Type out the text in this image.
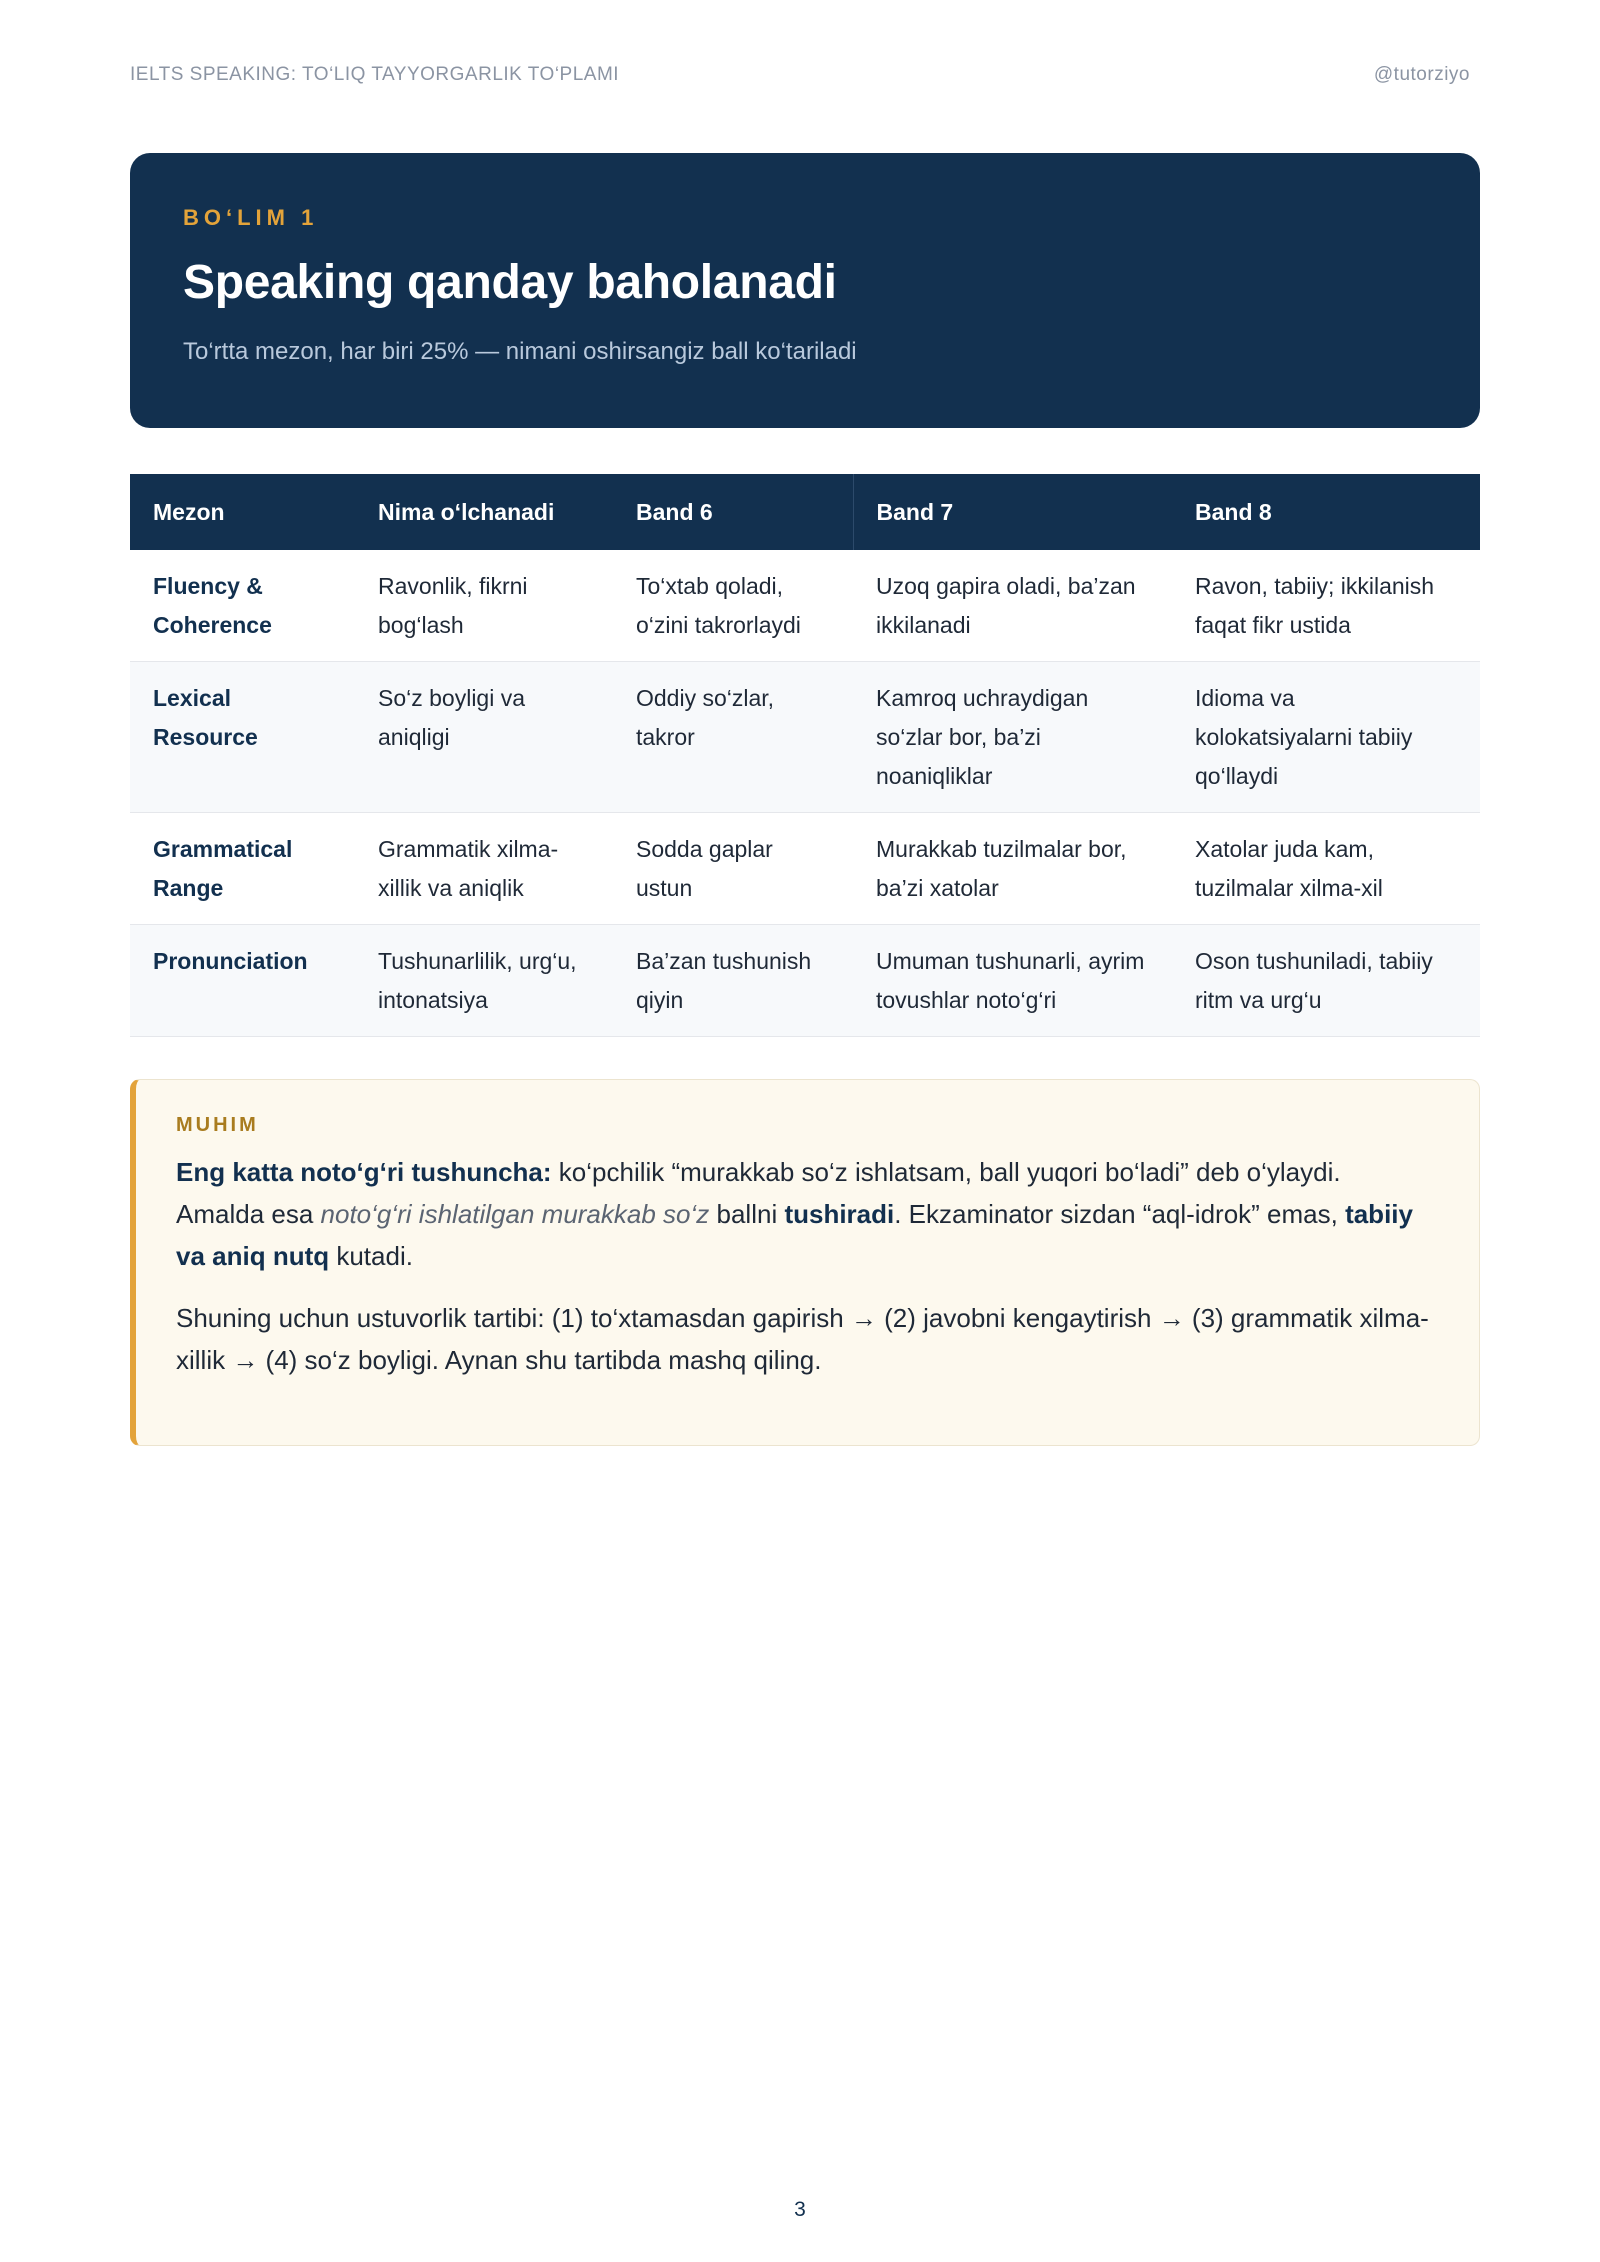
IELTS SPEAKING: TO‘LIQ TAYYORGARLIK TO‘PLAMI	@tutorziyo
BO‘LIM 1
Speaking qanday baholanadi
To‘rtta mezon, har biri 25% — nimani oshirsangiz ball ko‘tariladi
Mezon	Nima o‘lchanadi	Band 6	Band 7	Band 8
Fluency & Coherence	Ravonlik, fikrni bog‘lash	To‘xtab qoladi, o‘zini takrorlaydi	Uzoq gapira oladi, ba’zan ikkilanadi	Ravon, tabiiy; ikkilanish faqat fikr ustida
Lexical Resource	So‘z boyligi va aniqligi	Oddiy so‘zlar, takror	Kamroq uchraydigan so‘zlar bor, ba’zi noaniqliklar	Idioma va kolokatsiyalarni tabiiy qo‘llaydi
Grammatical Range	Grammatik xilma-xillik va aniqlik	Sodda gaplar ustun	Murakkab tuzilmalar bor, ba’zi xatolar	Xatolar juda kam, tuzilmalar xilma-xil
Pronunciation	Tushunarlilik, urg‘u, intonatsiya	Ba’zan tushunish qiyin	Umuman tushunarli, ayrim tovushlar noto‘g‘ri	Oson tushuniladi, tabiiy ritm va urg‘u
MUHIM

Eng katta noto‘g‘ri tushuncha: ko‘pchilik “murakkab so‘z ishlatsam, ball yuqori bo‘ladi” deb o‘ylaydi. Amalda esa noto‘g‘ri ishlatilgan murakkab so‘z ballni tushiradi. Ekzaminator sizdan “aql-idrok” emas, tabiiy va aniq nutq kutadi.

Shuning uchun ustuvorlik tartibi: (1) to‘xtamasdan gapirish → (2) javobni kengaytirish → (3) grammatik xilma-xillik → (4) so‘z boyligi. Aynan shu tartibda mashq qiling.

3
